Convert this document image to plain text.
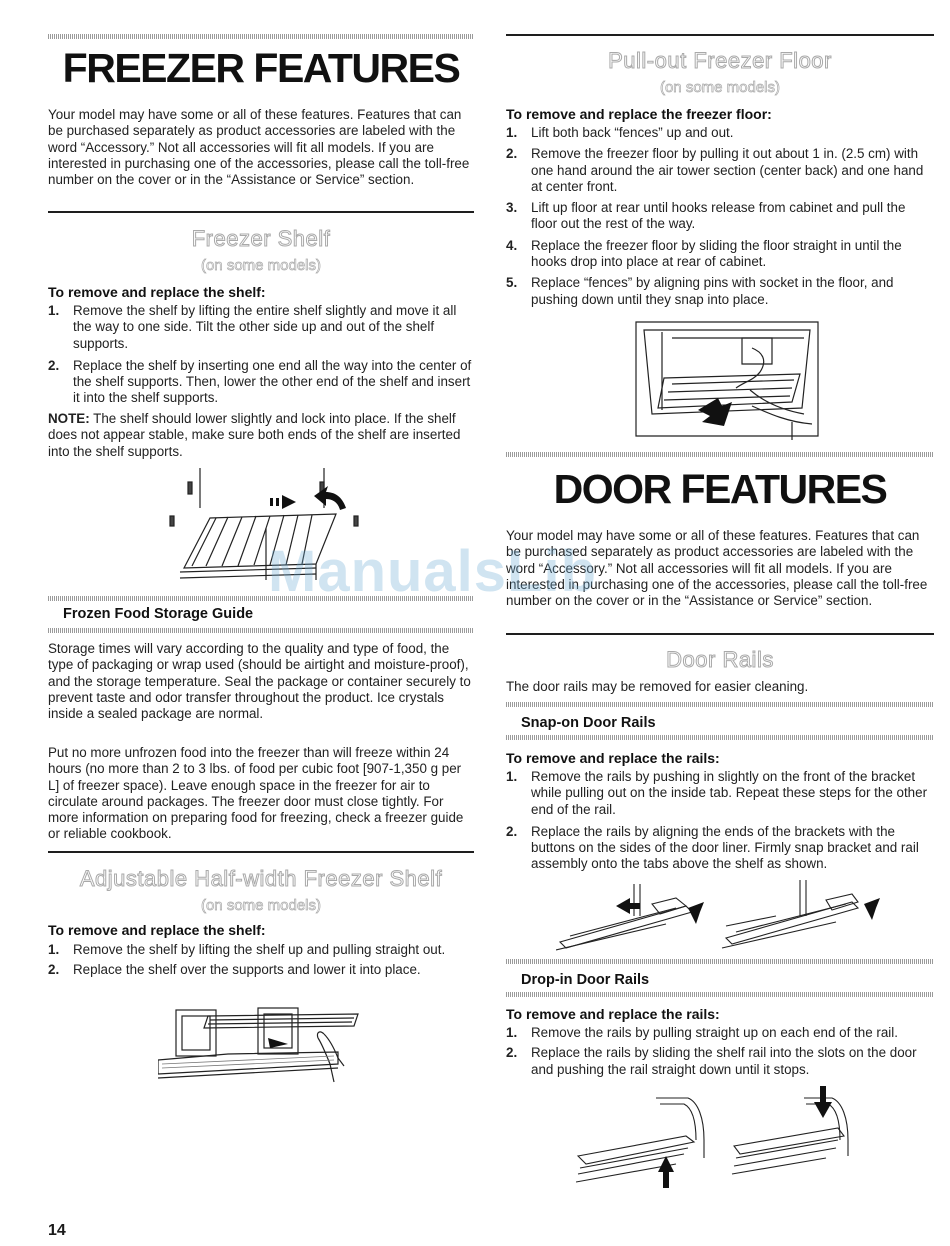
FREEZER FEATURES

Your model may have some or all of these features. Features that can be purchased separately as product accessories are labeled with the word “Accessory.” Not all accessories will fit all models. If you are interested in purchasing one of the accessories, please call the toll-free number on the cover or in the “Assistance or Service” section.

Freezer Shelf
(on some models)
To remove and replace the shelf:
1. Remove the shelf by lifting the entire shelf slightly and move it all the way to one side. Tilt the other side up and out of the shelf supports.
2. Replace the shelf by inserting one end all the way into the center of the shelf supports. Then, lower the other end of the shelf and insert it into the shelf supports.

NOTE: The shelf should lower slightly and lock into place. If the shelf does not appear stable, make sure both ends of the shelf are inserted into the shelf supports.

Frozen Food Storage Guide

Storage times will vary according to the quality and type of food, the type of packaging or wrap used (should be airtight and moisture-proof), and the storage temperature. Seal the package or container securely to prevent taste and odor transfer throughout the product. Ice crystals inside a sealed package are normal.

Put no more unfrozen food into the freezer than will freeze within 24 hours (no more than 2 to 3 lbs. of food per cubic foot [907-1,350 g per L] of freezer space). Leave enough space in the freezer for air to circulate around packages. The freezer door must close tightly. For more information on preparing food for freezing, check a freezer guide or reliable cookbook.

Adjustable Half-width Freezer Shelf
(on some models)
To remove and replace the shelf:
1. Remove the shelf by lifting the shelf up and pulling straight out.
2. Replace the shelf over the supports and lower it into place.
Pull-out Freezer Floor
(on some models)
To remove and replace the freezer floor:
1. Lift both back “fences” up and out.
2. Remove the freezer floor by pulling it out about 1 in. (2.5 cm) with one hand around the air tower section (center back) and one hand at center front.
3. Lift up floor at rear until hooks release from cabinet and pull the floor out the rest of the way.
4. Replace the freezer floor by sliding the floor straight in until the hooks drop into place at rear of cabinet.
5. Replace “fences” by aligning pins with socket in the floor, and pushing down until they snap into place.
DOOR FEATURES

Your model may have some or all of these features. Features that can be purchased separately as product accessories are labeled with the word “Accessory.” Not all accessories will fit all models. If you are interested in purchasing one of the accessories, please call the toll-free number on the cover or in the “Assistance or Service” section.

Door Rails

The door rails may be removed for easier cleaning.

Snap-on Door Rails
To remove and replace the rails:
1. Remove the rails by pushing in slightly on the front of the bracket while pulling out on the inside tab. Repeat these steps for the other end of the rail.
2. Replace the rails by aligning the ends of the brackets with the buttons on the sides of the door liner. Firmly snap bracket and rail assembly onto the tabs above the shelf as shown.
Drop-in Door Rails
To remove and replace the rails:
1. Remove the rails by pulling straight up on each end of the rail.
2. Replace the rails by sliding the shelf rail into the slots on the door and pushing the rail straight down until it stops.
ManualsLib
14
